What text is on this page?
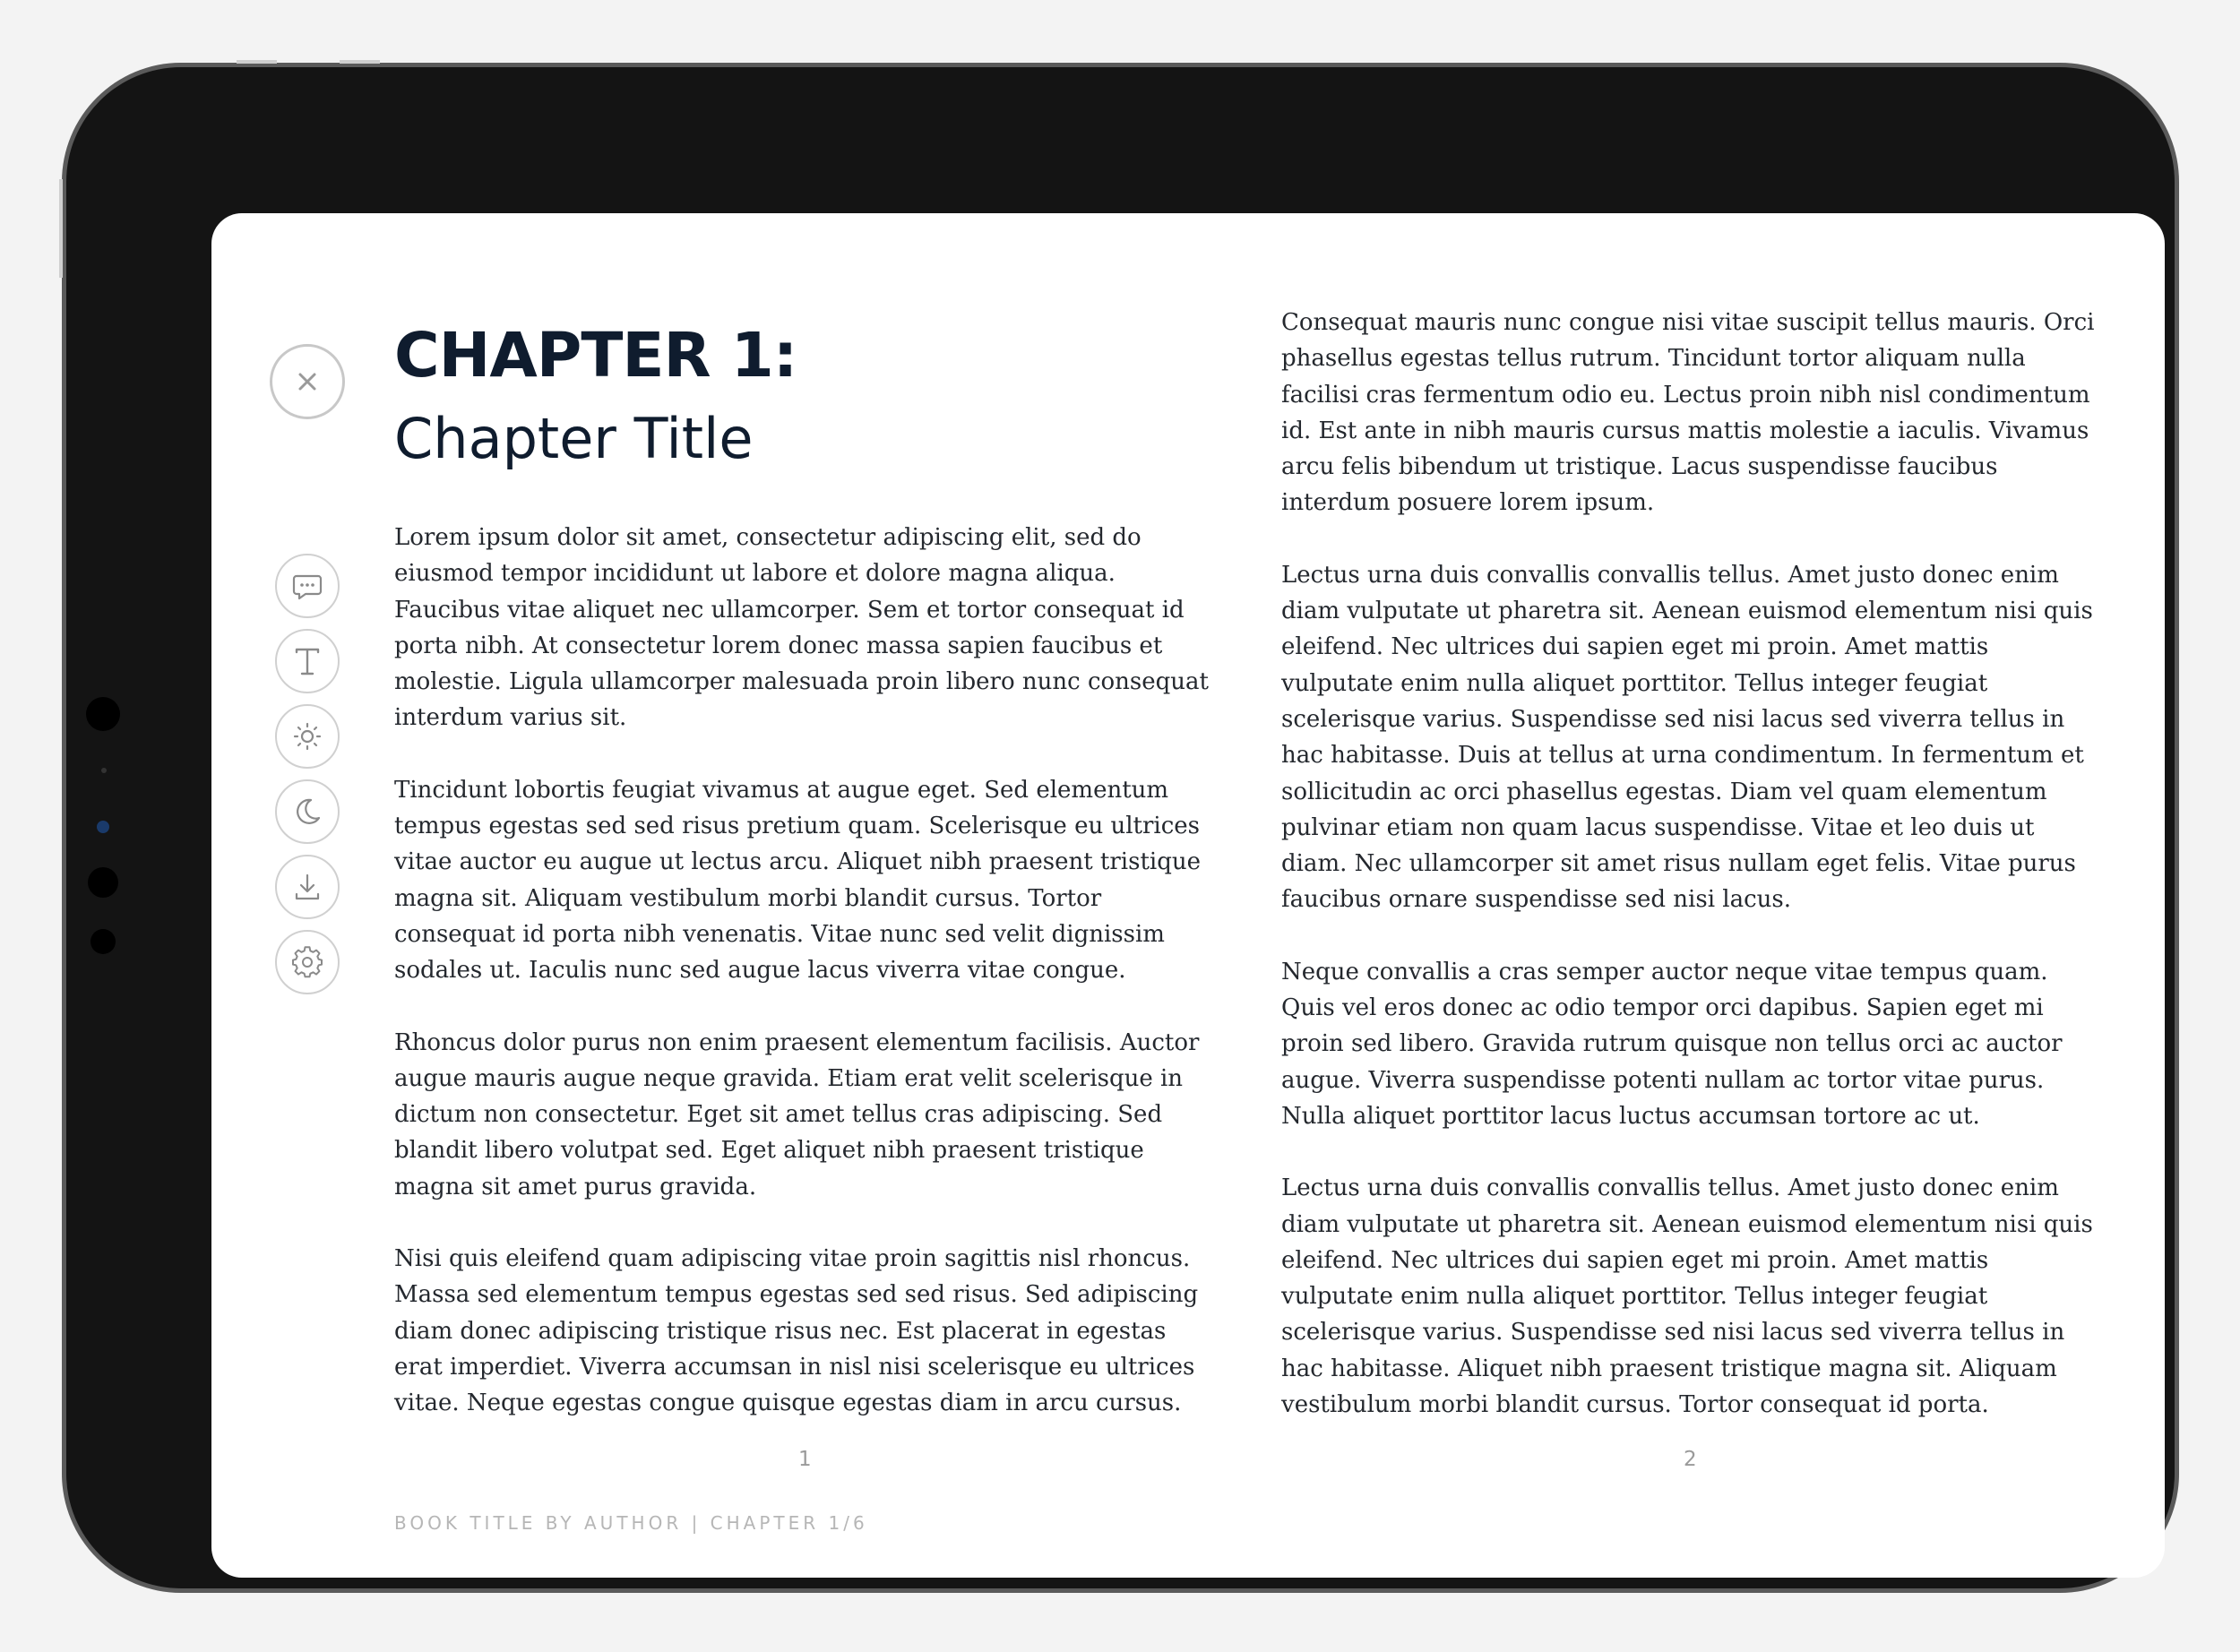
CHAPTER 1:
Chapter Title

Lorem ipsum dolor sit amet, consectetur adipiscing elit, sed do eiusmod tempor incididunt ut labore et dolore magna aliqua. Faucibus vitae aliquet nec ullamcorper. Sem et tortor consequat id porta nibh. At consectetur lorem donec massa sapien faucibus et molestie. Ligula ullamcorper malesuada proin libero nunc consequat interdum varius sit.

Tincidunt lobortis feugiat vivamus at augue eget. Sed elementum tempus egestas sed sed risus pretium quam. Scelerisque eu ultrices vitae auctor eu augue ut lectus arcu. Aliquet nibh praesent tristique magna sit. Aliquam vestibulum morbi blandit cursus. Tortor consequat id porta nibh venenatis. Vitae nunc sed velit dignissim sodales ut. Iaculis nunc sed augue lacus viverra vitae congue.

Rhoncus dolor purus non enim praesent elementum facilisis. Auctor augue mauris augue neque gravida. Etiam erat velit scelerisque in dictum non consectetur. Eget sit amet tellus cras adipiscing. Sed blandit libero volutpat sed. Eget aliquet nibh praesent tristique magna sit amet purus gravida.

Nisi quis eleifend quam adipiscing vitae proin sagittis nisl rhoncus. Massa sed elementum tempus egestas sed sed risus. Sed adipiscing diam donec adipiscing tristique risus nec. Est placerat in egestas erat imperdiet. Viverra accumsan in nisl nisi scelerisque eu ultrices vitae. Neque egestas congue quisque egestas diam in arcu cursus.

Consequat mauris nunc congue nisi vitae suscipit tellus mauris. Orci phasellus egestas tellus rutrum. Tincidunt tortor aliquam nulla facilisi cras fermentum odio eu. Lectus proin nibh nisl condimentum id. Est ante in nibh mauris cursus mattis molestie a iaculis. Vivamus arcu felis bibendum ut tristique. Lacus suspendisse faucibus interdum posuere lorem ipsum.

Lectus urna duis convallis convallis tellus. Amet justo donec enim diam vulputate ut pharetra sit. Aenean euismod elementum nisi quis eleifend. Nec ultrices dui sapien eget mi proin. Amet mattis vulputate enim nulla aliquet porttitor. Tellus integer feugiat scelerisque varius. Suspendisse sed nisi lacus sed viverra tellus in hac habitasse. Duis at tellus at urna condimentum. In fermentum et sollicitudin ac orci phasellus egestas. Diam vel quam elementum pulvinar etiam non quam lacus suspendisse. Vitae et leo duis ut diam. Nec ullamcorper sit amet risus nullam eget felis. Vitae purus faucibus ornare suspendisse sed nisi lacus.

Neque convallis a cras semper auctor neque vitae tempus quam. Quis vel eros donec ac odio tempor orci dapibus. Sapien eget mi proin sed libero. Gravida rutrum quisque non tellus orci ac auctor augue. Viverra suspendisse potenti nullam ac tortor vitae purus. Nulla aliquet porttitor lacus luctus accumsan tortore ac ut.

Lectus urna duis convallis convallis tellus. Amet justo donec enim diam vulputate ut pharetra sit. Aenean euismod elementum nisi quis eleifend. Nec ultrices dui sapien eget mi proin. Amet mattis vulputate enim nulla aliquet porttitor. Tellus integer feugiat scelerisque varius. Suspendisse sed nisi lacus sed viverra tellus in hac habitasse. Aliquet nibh praesent tristique magna sit. Aliquam vestibulum morbi blandit cursus. Tortor consequat id porta.

1	2
BOOK TITLE BY AUTHOR | CHAPTER 1/6
